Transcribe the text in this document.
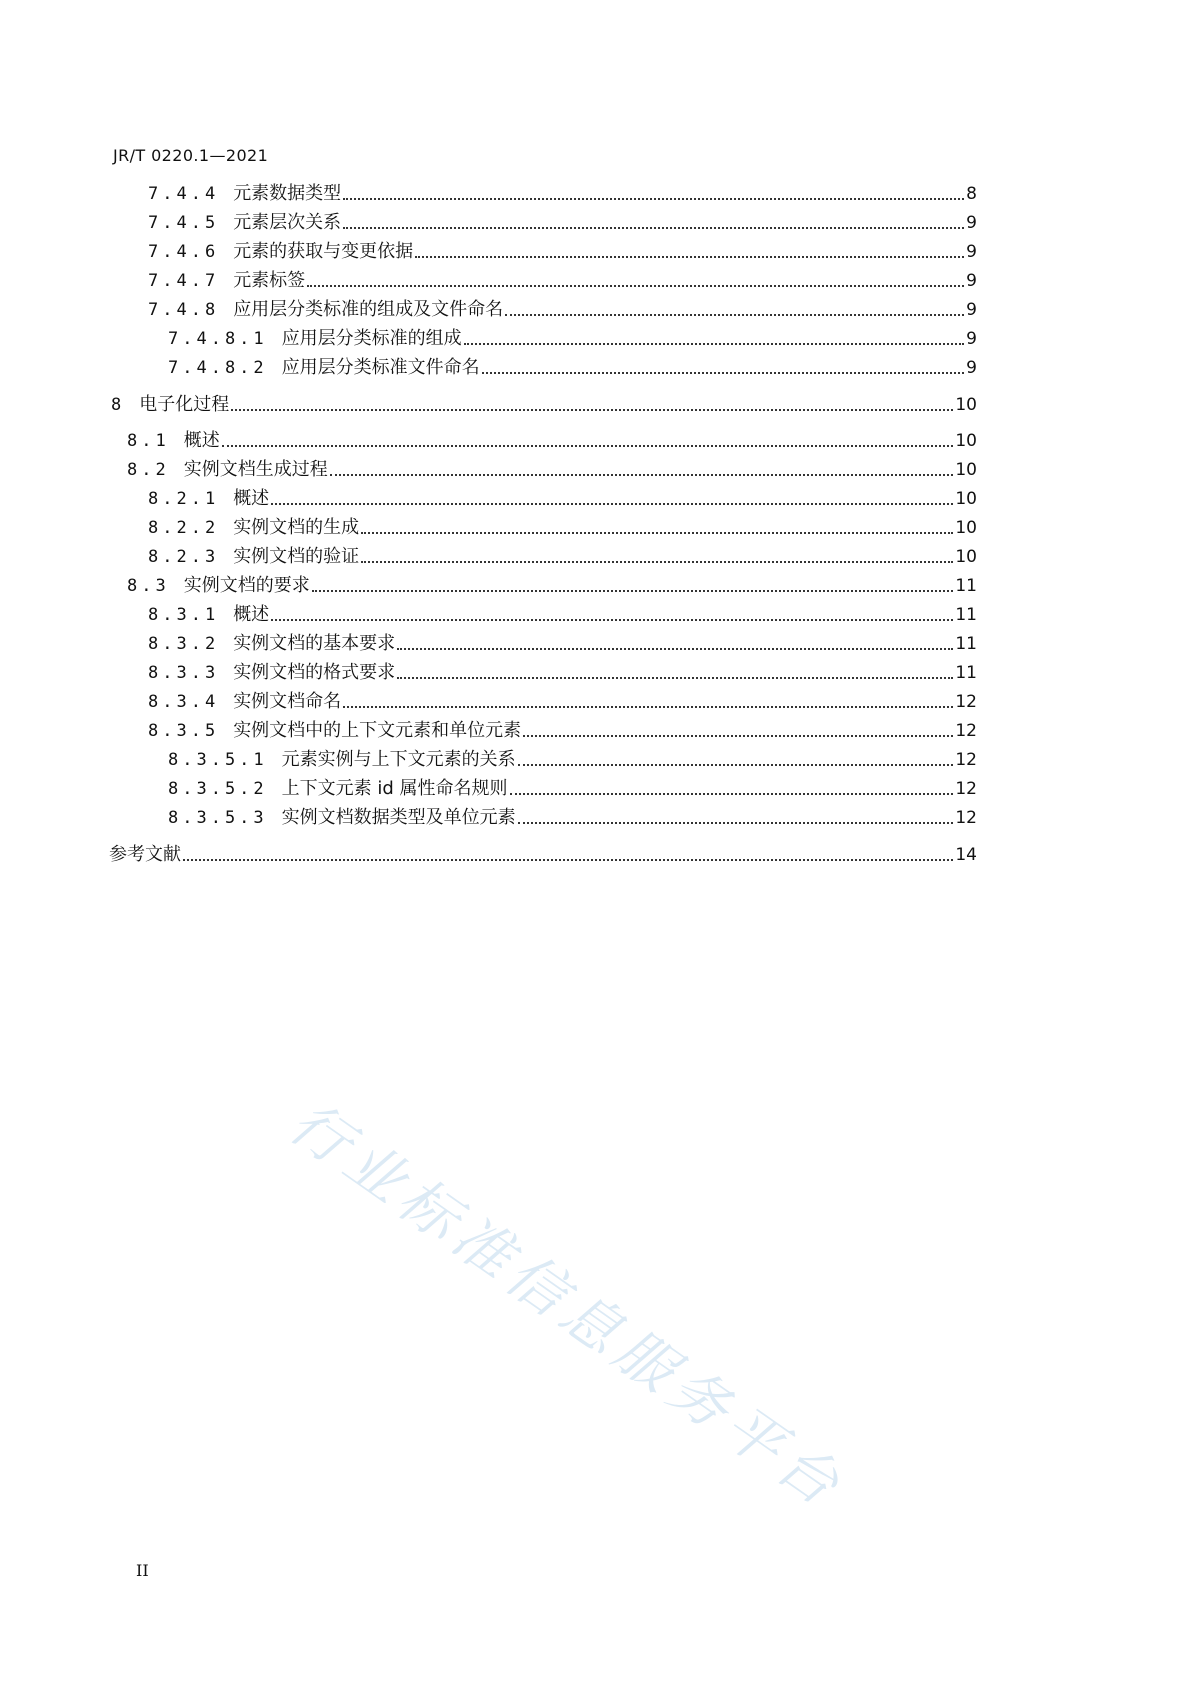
JR/T 0220.1—2021
7.4.4 元素数据类型	8
7.4.5 元素层次关系	9
7.4.6 元素的获取与变更依据	9
7.4.7 元素标签	9
7.4.8 应用层分类标准的组成及文件命名	9
7.4.8.1 应用层分类标准的组成	9
7.4.8.2 应用层分类标准文件命名	9
8 电子化过程	10
8.1 概述	10
8.2 实例文档生成过程	10
8.2.1 概述	10
8.2.2 实例文档的生成	10
8.2.3 实例文档的验证	10
8.3 实例文档的要求	11
8.3.1 概述	11
8.3.2 实例文档的基本要求	11
8.3.3 实例文档的格式要求	11
8.3.4 实例文档命名	12
8.3.5 实例文档中的上下文元素和单位元素	12
8.3.5.1 元素实例与上下文元素的关系	12
8.3.5.2 上下文元素 id 属性命名规则	12
8.3.5.3 实例文档数据类型及单位元素	12
参考文献	14
行业标准信息服务平台
II
